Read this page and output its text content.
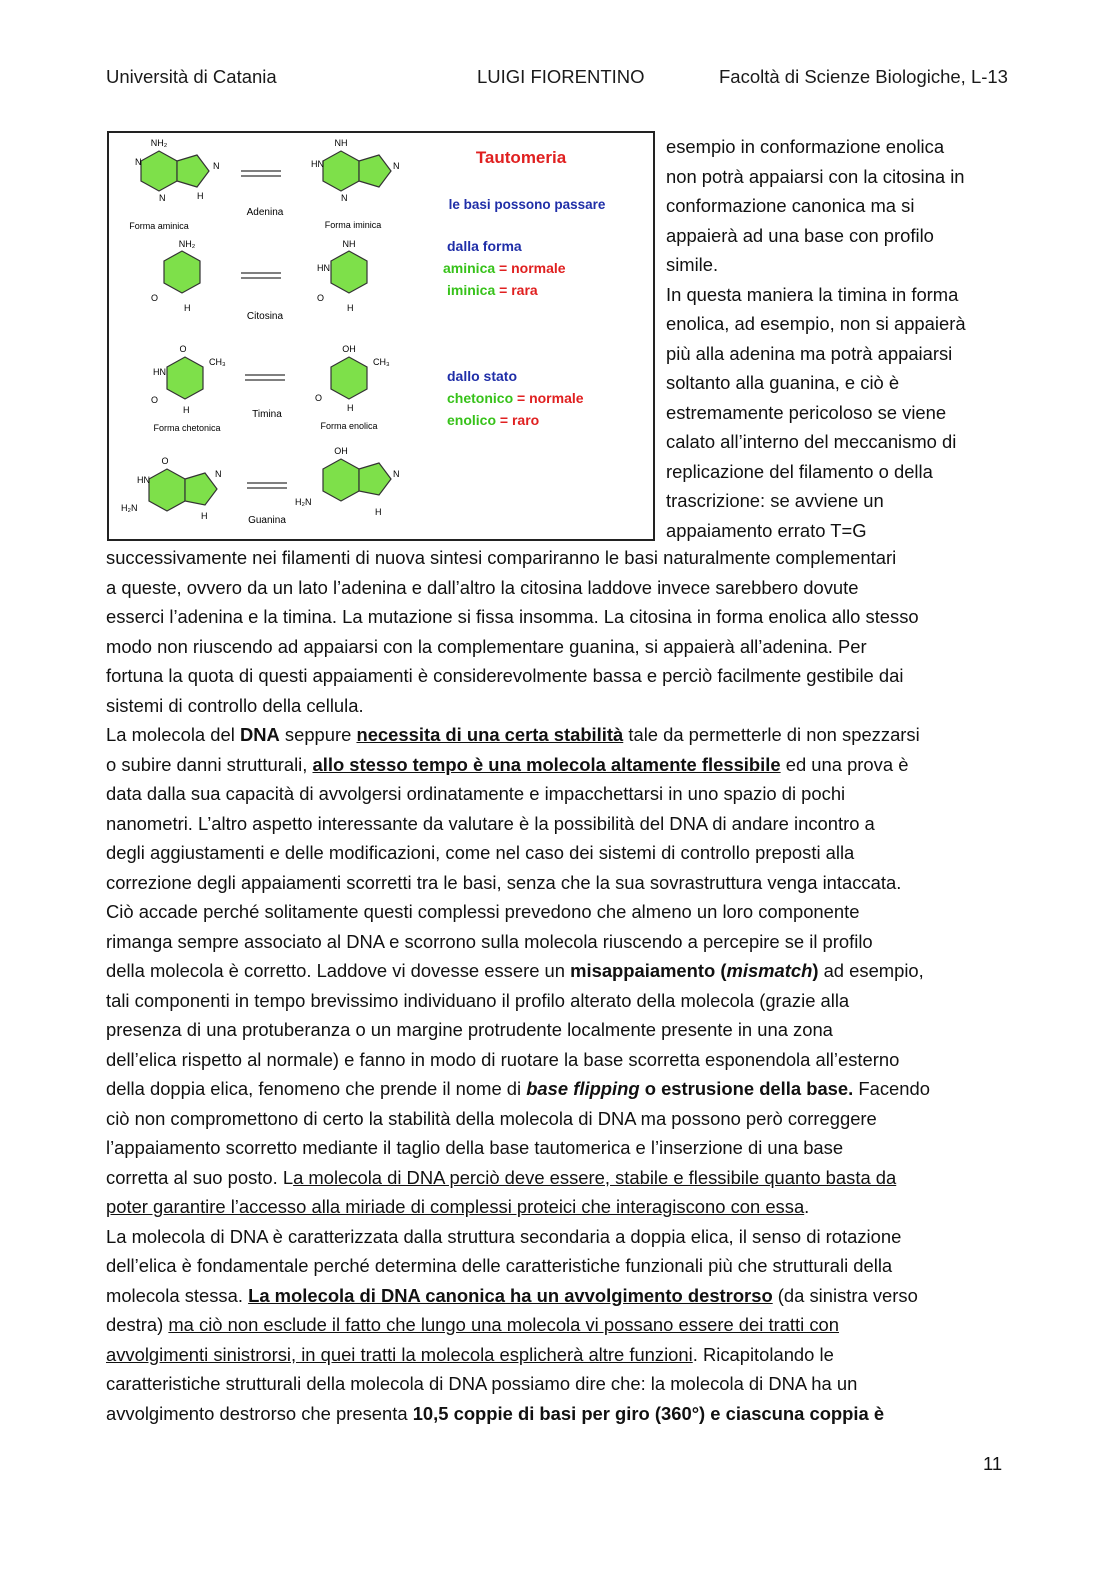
Università di Catania	LUIGI FIORENTINO	Facoltà di Scienze Biologiche, L-13
NH₂
N	N
N	H
Forma aminica
Adenina
NH
HN	N
N
Forma iminica
NH₂
O
H
Citosina
NH
HN
O
H
O
CH₃
HN
O
H
Forma chetonica
Timina
OH
CH₃
O
H
Forma enolica
O
HN
H₂N
N
H	Guanina
OH
H₂N
N
H
Tautomeria
le basi possono passare
dalla forma
aminica = normale
iminica = rara
dallo stato
chetonico = normale
enolico = raro
esempio in conformazione enolica
non potrà appaiarsi con la citosina in
conformazione canonica ma si
appaierà ad una base con profilo
simile.
In questa maniera la timina in forma
enolica, ad esempio, non si appaierà
più alla adenina ma potrà appaiarsi
soltanto alla guanina, e ciò è
estremamente pericoloso se viene
calato all’interno del meccanismo di
replicazione del filamento o della
trascrizione: se avviene un
appaiamento errato T=G

successivamente nei filamenti di nuova sintesi compariranno le basi naturalmente complementari
a queste, ovvero da un lato l’adenina e dall’altro la citosina laddove invece sarebbero dovute
esserci l’adenina e la timina. La mutazione si fissa insomma. La citosina in forma enolica allo stesso
modo non riuscendo ad appaiarsi con la complementare guanina, si appaierà all’adenina. Per
fortuna la quota di questi appaiamenti è considerevolmente bassa e perciò facilmente gestibile dai
sistemi di controllo della cellula.

La molecola del DNA seppure necessita di una certa stabilità tale da permetterle di non spezzarsi
o subire danni strutturali, allo stesso tempo è una molecola altamente flessibile ed una prova è
data dalla sua capacità di avvolgersi ordinatamente e impacchettarsi in uno spazio di pochi
nanometri. L’altro aspetto interessante da valutare è la possibilità del DNA di andare incontro a
degli aggiustamenti e delle modificazioni, come nel caso dei sistemi di controllo preposti alla
correzione degli appaiamenti scorretti tra le basi, senza che la sua sovrastruttura venga intaccata.
Ciò accade perché solitamente questi complessi prevedono che almeno un loro componente
rimanga sempre associato al DNA e scorrono sulla molecola riuscendo a percepire se il profilo
della molecola è corretto. Laddove vi dovesse essere un misappaiamento (mismatch) ad esempio,
tali componenti in tempo brevissimo individuano il profilo alterato della molecola (grazie alla
presenza di una protuberanza o un margine protrudente localmente presente in una zona
dell’elica rispetto al normale) e fanno in modo di ruotare la base scorretta esponendola all’esterno
della doppia elica, fenomeno che prende il nome di base flipping o estrusione della base. Facendo
ciò non compromettono di certo la stabilità della molecola di DNA ma possono però correggere
l’appaiamento scorretto mediante il taglio della base tautomerica e l’inserzione di una base
corretta al suo posto. La molecola di DNA perciò deve essere, stabile e flessibile quanto basta da
poter garantire l’accesso alla miriade di complessi proteici che interagiscono con essa.

La molecola di DNA è caratterizzata dalla struttura secondaria a doppia elica, il senso di rotazione
dell’elica è fondamentale perché determina delle caratteristiche funzionali più che strutturali della
molecola stessa. La molecola di DNA canonica ha un avvolgimento destrorso (da sinistra verso
destra) ma ciò non esclude il fatto che lungo una molecola vi possano essere dei tratti con
avvolgimenti sinistrorsi, in quei tratti la molecola esplicherà altre funzioni. Ricapitolando le
caratteristiche strutturali della molecola di DNA possiamo dire che: la molecola di DNA ha un
avvolgimento destrorso che presenta 10,5 coppie di basi per giro (360°) e ciascuna coppia è

11
